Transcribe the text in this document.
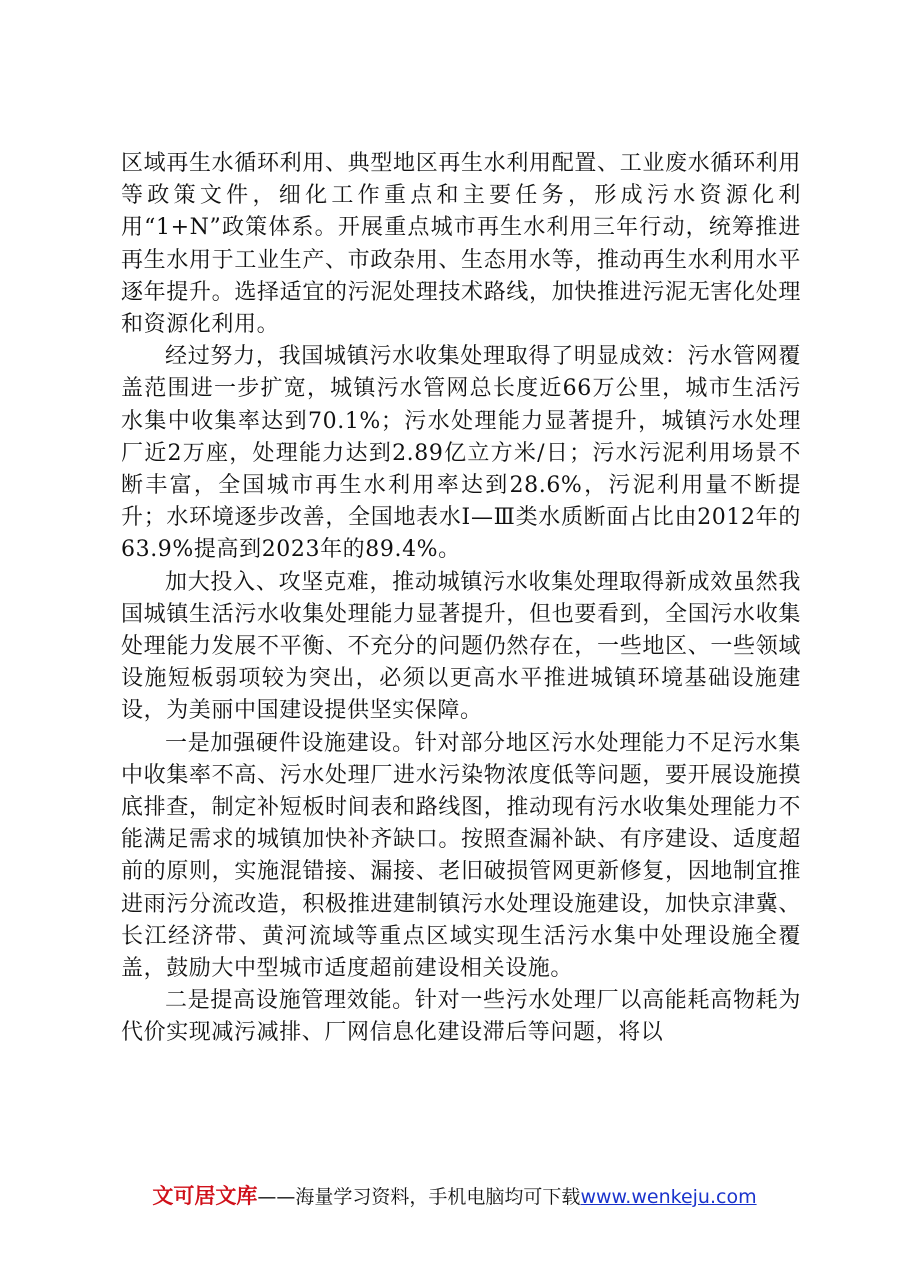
区域再生水循环利用、典型地区再生水利用配置、工业废水循环利用等政策文件，细化工作重点和主要任务，形成污水资源化利用“1+N”政策体系。开展重点城市再生水利用三年行动，统筹推进再生水用于工业生产、市政杂用、生态用水等，推动再生水利用水平逐年提升。选择适宜的污泥处理技术路线，加快推进污泥无害化处理和资源化利用。

经过努力，我国城镇污水收集处理取得了明显成效：污水管网覆盖范围进一步扩宽，城镇污水管网总长度近66万公里，城市生活污水集中收集率达到70.1%；污水处理能力显著提升，城镇污水处理厂近2万座，处理能力达到2.89亿立方米/日；污水污泥利用场景不断丰富，全国城市再生水利用率达到28.6%，污泥利用量不断提升；水环境逐步改善，全国地表水Ⅰ—Ⅲ类水质断面占比由2012年的63.9%提高到2023年的89.4%。

加大投入、攻坚克难，推动城镇污水收集处理取得新成效虽然我国城镇生活污水收集处理能力显著提升，但也要看到，全国污水收集处理能力发展不平衡、不充分的问题仍然存在，一些地区、一些领域设施短板弱项较为突出，必须以更高水平推进城镇环境基础设施建设，为美丽中国建设提供坚实保障。

一是加强硬件设施建设。针对部分地区污水处理能力不足污水集中收集率不高、污水处理厂进水污染物浓度低等问题，要开展设施摸底排查，制定补短板时间表和路线图，推动现有污水收集处理能力不能满足需求的城镇加快补齐缺口。按照查漏补缺、有序建设、适度超前的原则，实施混错接、漏接、老旧破损管网更新修复，因地制宜推进雨污分流改造，积极推进建制镇污水处理设施建设，加快京津冀、长江经济带、黄河流域等重点区域实现生活污水集中处理设施全覆盖，鼓励大中型城市适度超前建设相关设施。

二是提高设施管理效能。针对一些污水处理厂以高能耗高物耗为代价实现减污减排、厂网信息化建设滞后等问题，将以

文可居文库——海量学习资料，手机电脑均可下载www.wenkeju.com
